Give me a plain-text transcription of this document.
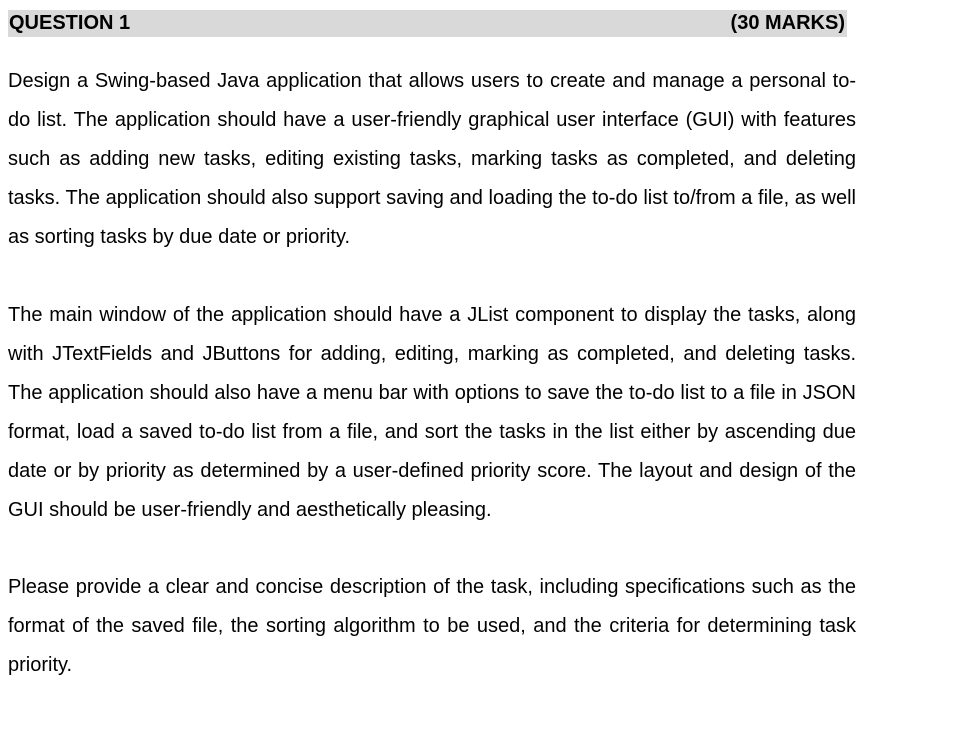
QUESTION 1	(30 MARKS)

Design a Swing-based Java application that allows users to create and manage a personal to-do list. The application should have a user-friendly graphical user interface (GUI) with features such as adding new tasks, editing existing tasks, marking tasks as completed, and deleting tasks. The application should also support saving and loading the to-do list to/from a file, as well as sorting tasks by due date or priority.

The main window of the application should have a JList component to display the tasks, along with JTextFields and JButtons for adding, editing, marking as completed, and deleting tasks. The application should also have a menu bar with options to save the to-do list to a file in JSON format, load a saved to-do list from a file, and sort the tasks in the list either by ascending due date or by priority as determined by a user-defined priority score. The layout and design of the GUI should be user-friendly and aesthetically pleasing.

Please provide a clear and concise description of the task, including specifications such as the format of the saved file, the sorting algorithm to be used, and the criteria for determining task priority.
